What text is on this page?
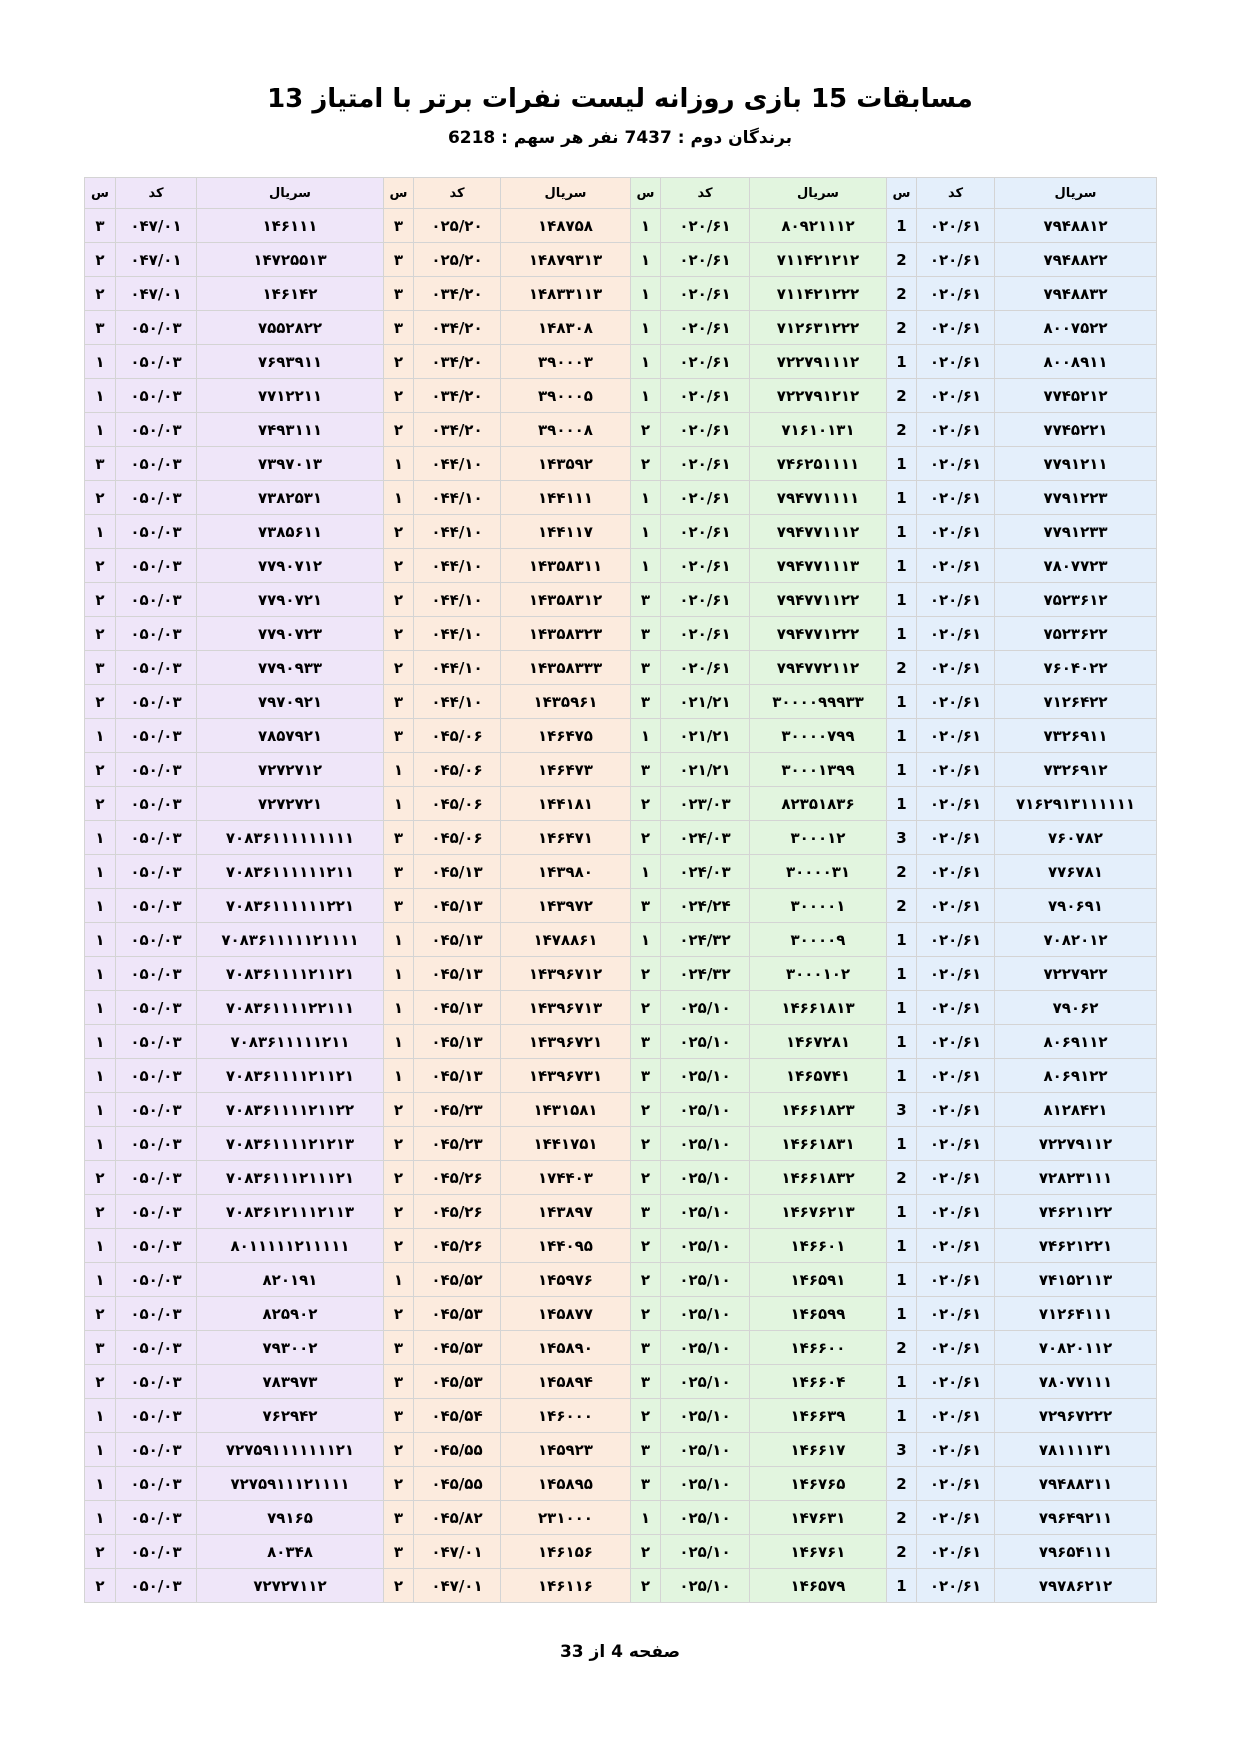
مسابقات 15 بازی روزانه لیست نفرات برتر با امتیاز 13
برندگان دوم : 7437 نفر هر سهم : 6218
سریال	کد	س	سریال	کد	س	سریال	کد	س	سریال	کد	س
۷۹۴۸۸۱۲	۰۲۰/۶۱	1	۸۰۹۲۱۱۱۲	۰۲۰/۶۱	۱	۱۴۸۷۵۸	۰۲۵/۲۰	۳	۱۴۶۱۱۱	۰۴۷/۰۱	۳
۷۹۴۸۸۲۲	۰۲۰/۶۱	2	۷۱۱۴۲۱۲۱۲	۰۲۰/۶۱	۱	۱۴۸۷۹۳۱۳	۰۲۵/۲۰	۳	۱۴۷۲۵۵۱۳	۰۴۷/۰۱	۲
۷۹۴۸۸۳۲	۰۲۰/۶۱	2	۷۱۱۴۲۱۲۲۲	۰۲۰/۶۱	۱	۱۴۸۳۳۱۱۳	۰۳۴/۲۰	۳	۱۴۶۱۴۲	۰۴۷/۰۱	۲
۸۰۰۷۵۲۲	۰۲۰/۶۱	2	۷۱۲۶۳۱۲۲۲	۰۲۰/۶۱	۱	۱۴۸۳۰۸	۰۳۴/۲۰	۳	۷۵۵۲۸۲۲	۰۵۰/۰۳	۳
۸۰۰۸۹۱۱	۰۲۰/۶۱	1	۷۲۲۷۹۱۱۱۲	۰۲۰/۶۱	۱	۳۹۰۰۰۳	۰۳۴/۲۰	۲	۷۶۹۳۹۱۱	۰۵۰/۰۳	۱
۷۷۴۵۲۱۲	۰۲۰/۶۱	2	۷۲۲۷۹۱۲۱۲	۰۲۰/۶۱	۱	۳۹۰۰۰۵	۰۳۴/۲۰	۲	۷۷۱۲۲۱۱	۰۵۰/۰۳	۱
۷۷۴۵۲۲۱	۰۲۰/۶۱	2	۷۱۶۱۰۱۳۱	۰۲۰/۶۱	۲	۳۹۰۰۰۸	۰۳۴/۲۰	۲	۷۴۹۳۱۱۱	۰۵۰/۰۳	۱
۷۷۹۱۲۱۱	۰۲۰/۶۱	1	۷۴۶۲۵۱۱۱۱	۰۲۰/۶۱	۲	۱۴۳۵۹۲	۰۴۴/۱۰	۱	۷۳۹۷۰۱۳	۰۵۰/۰۳	۳
۷۷۹۱۲۲۳	۰۲۰/۶۱	1	۷۹۴۷۷۱۱۱۱	۰۲۰/۶۱	۱	۱۴۴۱۱۱	۰۴۴/۱۰	۱	۷۳۸۲۵۳۱	۰۵۰/۰۳	۲
۷۷۹۱۲۳۳	۰۲۰/۶۱	1	۷۹۴۷۷۱۱۱۲	۰۲۰/۶۱	۱	۱۴۴۱۱۷	۰۴۴/۱۰	۲	۷۳۸۵۶۱۱	۰۵۰/۰۳	۱
۷۸۰۷۷۲۳	۰۲۰/۶۱	1	۷۹۴۷۷۱۱۱۳	۰۲۰/۶۱	۱	۱۴۳۵۸۳۱۱	۰۴۴/۱۰	۲	۷۷۹۰۷۱۲	۰۵۰/۰۳	۲
۷۵۲۳۶۱۲	۰۲۰/۶۱	1	۷۹۴۷۷۱۱۲۲	۰۲۰/۶۱	۳	۱۴۳۵۸۳۱۲	۰۴۴/۱۰	۲	۷۷۹۰۷۲۱	۰۵۰/۰۳	۲
۷۵۲۳۶۲۲	۰۲۰/۶۱	1	۷۹۴۷۷۱۲۲۲	۰۲۰/۶۱	۳	۱۴۳۵۸۳۲۳	۰۴۴/۱۰	۲	۷۷۹۰۷۲۳	۰۵۰/۰۳	۲
۷۶۰۴۰۲۲	۰۲۰/۶۱	2	۷۹۴۷۷۲۱۱۲	۰۲۰/۶۱	۳	۱۴۳۵۸۳۳۳	۰۴۴/۱۰	۲	۷۷۹۰۹۳۳	۰۵۰/۰۳	۳
۷۱۲۶۴۲۲	۰۲۰/۶۱	1	۳۰۰۰۰۹۹۹۳۳	۰۲۱/۲۱	۳	۱۴۳۵۹۶۱	۰۴۴/۱۰	۳	۷۹۷۰۹۲۱	۰۵۰/۰۳	۲
۷۳۲۶۹۱۱	۰۲۰/۶۱	1	۳۰۰۰۰۷۹۹	۰۲۱/۲۱	۱	۱۴۶۴۷۵	۰۴۵/۰۶	۳	۷۸۵۷۹۲۱	۰۵۰/۰۳	۱
۷۳۲۶۹۱۲	۰۲۰/۶۱	1	۳۰۰۰۱۳۹۹	۰۲۱/۲۱	۳	۱۴۶۴۷۳	۰۴۵/۰۶	۱	۷۲۷۲۷۱۲	۰۵۰/۰۳	۲
۷۱۶۲۹۱۳۱۱۱۱۱۱	۰۲۰/۶۱	1	۸۲۳۵۱۸۳۶	۰۲۳/۰۳	۲	۱۴۴۱۸۱	۰۴۵/۰۶	۱	۷۲۷۲۷۲۱	۰۵۰/۰۳	۲
۷۶۰۷۸۲	۰۲۰/۶۱	3	۳۰۰۰۱۲	۰۲۴/۰۳	۲	۱۴۶۴۷۱	۰۴۵/۰۶	۳	۷۰۸۳۶۱۱۱۱۱۱۱۱۱	۰۵۰/۰۳	۱
۷۷۶۷۸۱	۰۲۰/۶۱	2	۳۰۰۰۰۳۱	۰۲۴/۰۳	۱	۱۴۳۹۸۰	۰۴۵/۱۳	۳	۷۰۸۳۶۱۱۱۱۱۱۲۱۱	۰۵۰/۰۳	۱
۷۹۰۶۹۱	۰۲۰/۶۱	2	۳۰۰۰۰۱	۰۲۴/۲۴	۳	۱۴۳۹۷۲	۰۴۵/۱۳	۳	۷۰۸۳۶۱۱۱۱۱۱۲۲۱	۰۵۰/۰۳	۱
۷۰۸۲۰۱۲	۰۲۰/۶۱	1	۳۰۰۰۰۹	۰۲۴/۳۲	۱	۱۴۷۸۸۶۱	۰۴۵/۱۳	۱	۷۰۸۳۶۱۱۱۱۱۲۱۱۱۱	۰۵۰/۰۳	۱
۷۲۲۷۹۲۲	۰۲۰/۶۱	1	۳۰۰۰۱۰۲	۰۲۴/۳۲	۲	۱۴۳۹۶۷۱۲	۰۴۵/۱۳	۱	۷۰۸۳۶۱۱۱۱۲۱۱۲۱	۰۵۰/۰۳	۱
۷۹۰۶۲	۰۲۰/۶۱	1	۱۴۶۶۱۸۱۳	۰۲۵/۱۰	۲	۱۴۳۹۶۷۱۳	۰۴۵/۱۳	۱	۷۰۸۳۶۱۱۱۱۲۲۱۱۱	۰۵۰/۰۳	۱
۸۰۶۹۱۱۲	۰۲۰/۶۱	1	۱۴۶۷۲۸۱	۰۲۵/۱۰	۳	۱۴۳۹۶۷۲۱	۰۴۵/۱۳	۱	۷۰۸۳۶۱۱۱۱۱۲۱۱	۰۵۰/۰۳	۱
۸۰۶۹۱۲۲	۰۲۰/۶۱	1	۱۴۶۵۷۴۱	۰۲۵/۱۰	۳	۱۴۳۹۶۷۳۱	۰۴۵/۱۳	۱	۷۰۸۳۶۱۱۱۱۲۱۱۲۱	۰۵۰/۰۳	۱
۸۱۲۸۴۲۱	۰۲۰/۶۱	3	۱۴۶۶۱۸۲۳	۰۲۵/۱۰	۲	۱۴۳۱۵۸۱	۰۴۵/۲۳	۲	۷۰۸۳۶۱۱۱۱۲۱۱۲۲	۰۵۰/۰۳	۱
۷۲۲۷۹۱۱۲	۰۲۰/۶۱	1	۱۴۶۶۱۸۳۱	۰۲۵/۱۰	۲	۱۴۴۱۷۵۱	۰۴۵/۲۳	۲	۷۰۸۳۶۱۱۱۱۲۱۲۱۳	۰۵۰/۰۳	۱
۷۲۸۲۳۱۱۱	۰۲۰/۶۱	2	۱۴۶۶۱۸۳۲	۰۲۵/۱۰	۲	۱۷۴۴۰۳	۰۴۵/۲۶	۲	۷۰۸۳۶۱۱۱۲۱۱۱۲۱	۰۵۰/۰۳	۲
۷۴۶۲۱۱۲۲	۰۲۰/۶۱	1	۱۴۶۷۶۲۱۳	۰۲۵/۱۰	۳	۱۴۳۸۹۷	۰۴۵/۲۶	۲	۷۰۸۳۶۱۲۱۱۱۲۱۱۳	۰۵۰/۰۳	۲
۷۴۶۲۱۲۲۱	۰۲۰/۶۱	1	۱۴۶۶۰۱	۰۲۵/۱۰	۲	۱۴۴۰۹۵	۰۴۵/۲۶	۲	۸۰۱۱۱۱۱۲۱۱۱۱۱	۰۵۰/۰۳	۱
۷۴۱۵۲۱۱۳	۰۲۰/۶۱	1	۱۴۶۵۹۱	۰۲۵/۱۰	۲	۱۴۵۹۷۶	۰۴۵/۵۲	۱	۸۲۰۱۹۱	۰۵۰/۰۳	۱
۷۱۲۶۴۱۱۱	۰۲۰/۶۱	1	۱۴۶۵۹۹	۰۲۵/۱۰	۲	۱۴۵۸۷۷	۰۴۵/۵۳	۲	۸۲۵۹۰۲	۰۵۰/۰۳	۲
۷۰۸۲۰۱۱۲	۰۲۰/۶۱	2	۱۴۶۶۰۰	۰۲۵/۱۰	۳	۱۴۵۸۹۰	۰۴۵/۵۳	۳	۷۹۳۰۰۲	۰۵۰/۰۳	۳
۷۸۰۷۷۱۱۱	۰۲۰/۶۱	1	۱۴۶۶۰۴	۰۲۵/۱۰	۳	۱۴۵۸۹۴	۰۴۵/۵۳	۳	۷۸۳۹۷۳	۰۵۰/۰۳	۲
۷۲۹۶۷۲۲۲	۰۲۰/۶۱	1	۱۴۶۶۳۹	۰۲۵/۱۰	۲	۱۴۶۰۰۰	۰۴۵/۵۴	۳	۷۶۲۹۴۲	۰۵۰/۰۳	۱
۷۸۱۱۱۱۳۱	۰۲۰/۶۱	3	۱۴۶۶۱۷	۰۲۵/۱۰	۳	۱۴۵۹۲۳	۰۴۵/۵۵	۲	۷۲۷۵۹۱۱۱۱۱۱۱۲۱	۰۵۰/۰۳	۱
۷۹۴۸۸۳۱۱	۰۲۰/۶۱	2	۱۴۶۷۶۵	۰۲۵/۱۰	۳	۱۴۵۸۹۵	۰۴۵/۵۵	۲	۷۲۷۵۹۱۱۱۲۱۱۱۱	۰۵۰/۰۳	۱
۷۹۶۴۹۲۱۱	۰۲۰/۶۱	2	۱۴۷۶۳۱	۰۲۵/۱۰	۱	۲۳۱۰۰۰	۰۴۵/۸۲	۳	۷۹۱۶۵	۰۵۰/۰۳	۱
۷۹۶۵۴۱۱۱	۰۲۰/۶۱	2	۱۴۶۷۶۱	۰۲۵/۱۰	۲	۱۴۶۱۵۶	۰۴۷/۰۱	۳	۸۰۳۴۸	۰۵۰/۰۳	۲
۷۹۷۸۶۲۱۲	۰۲۰/۶۱	1	۱۴۶۵۷۹	۰۲۵/۱۰	۲	۱۴۶۱۱۶	۰۴۷/۰۱	۲	۷۲۷۲۷۱۱۲	۰۵۰/۰۳	۲
صفحه 4 از 33
